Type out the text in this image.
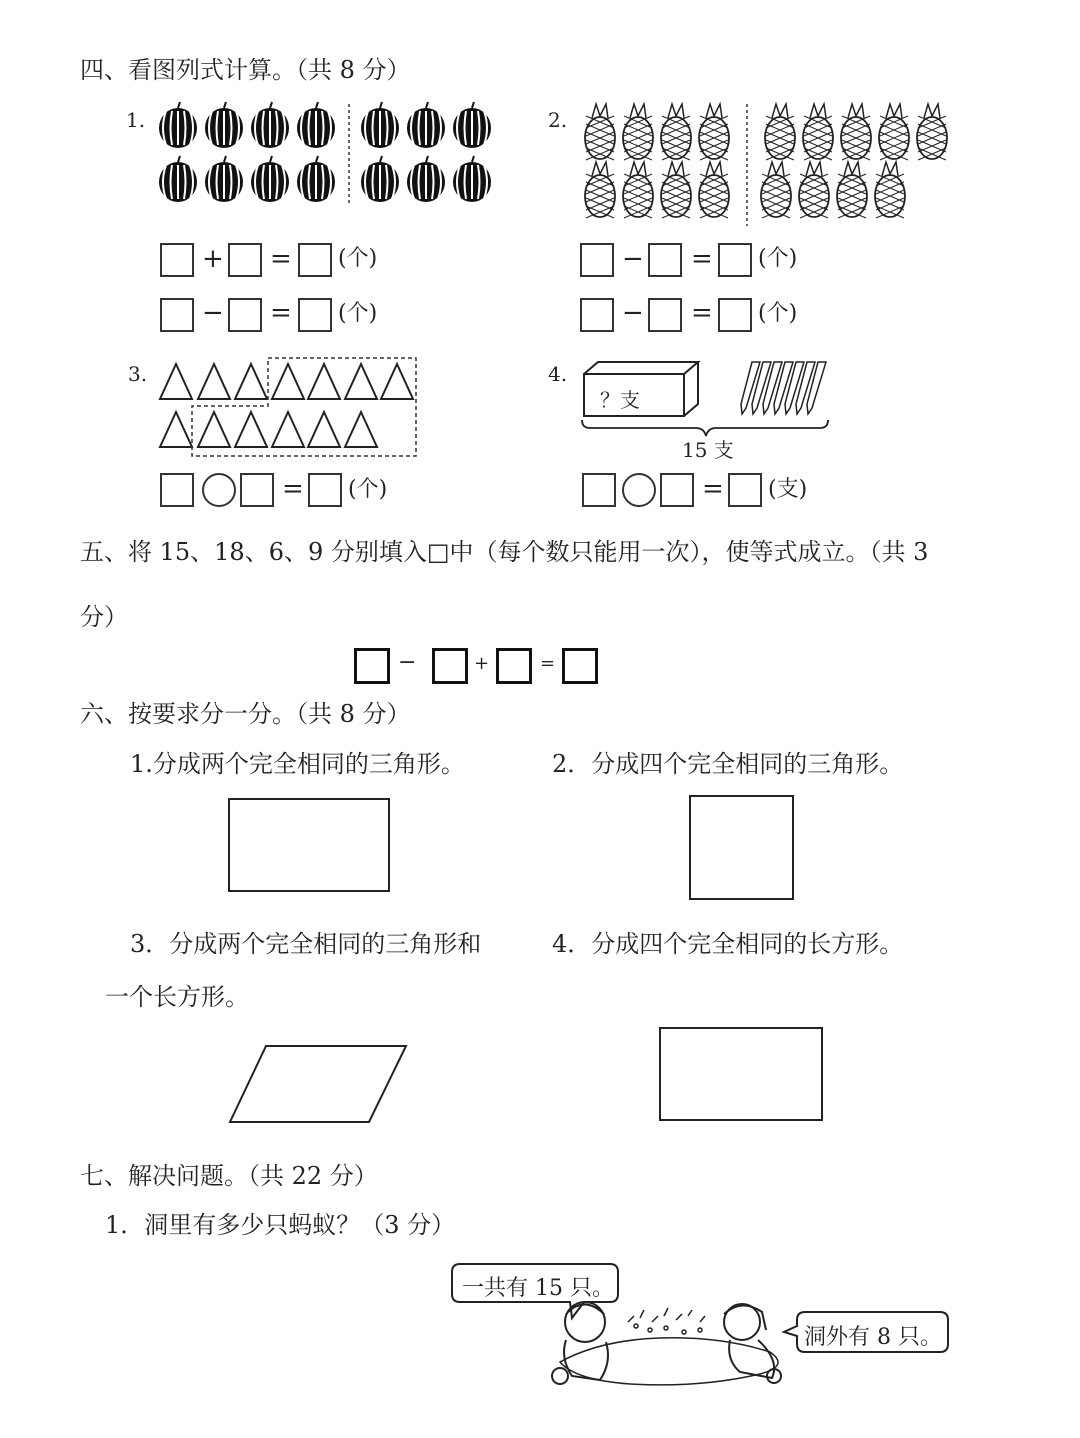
四、看图列式计算。（共 8 分）
1.
+ = (个)
− = (个)
2.
− = (个)
− = (个)
3.
= (个)
4.
？支
15 支
= (支)
五、将 15、18、6、9 分别填入□中（每个数只能用一次），使等式成立。（共 3
分）
−	+	=
六、按要求分一分。（共 8 分）
1.分成两个完全相同的三角形。	2．分成四个完全相同的三角形。
3．分成两个完全相同的三角形和
一个长方形。
4．分成四个完全相同的长方形。
七、解决问题。（共 22 分）
1．洞里有多少只蚂蚁？（3 分）
一共有 15 只。
洞外有 8 只。
